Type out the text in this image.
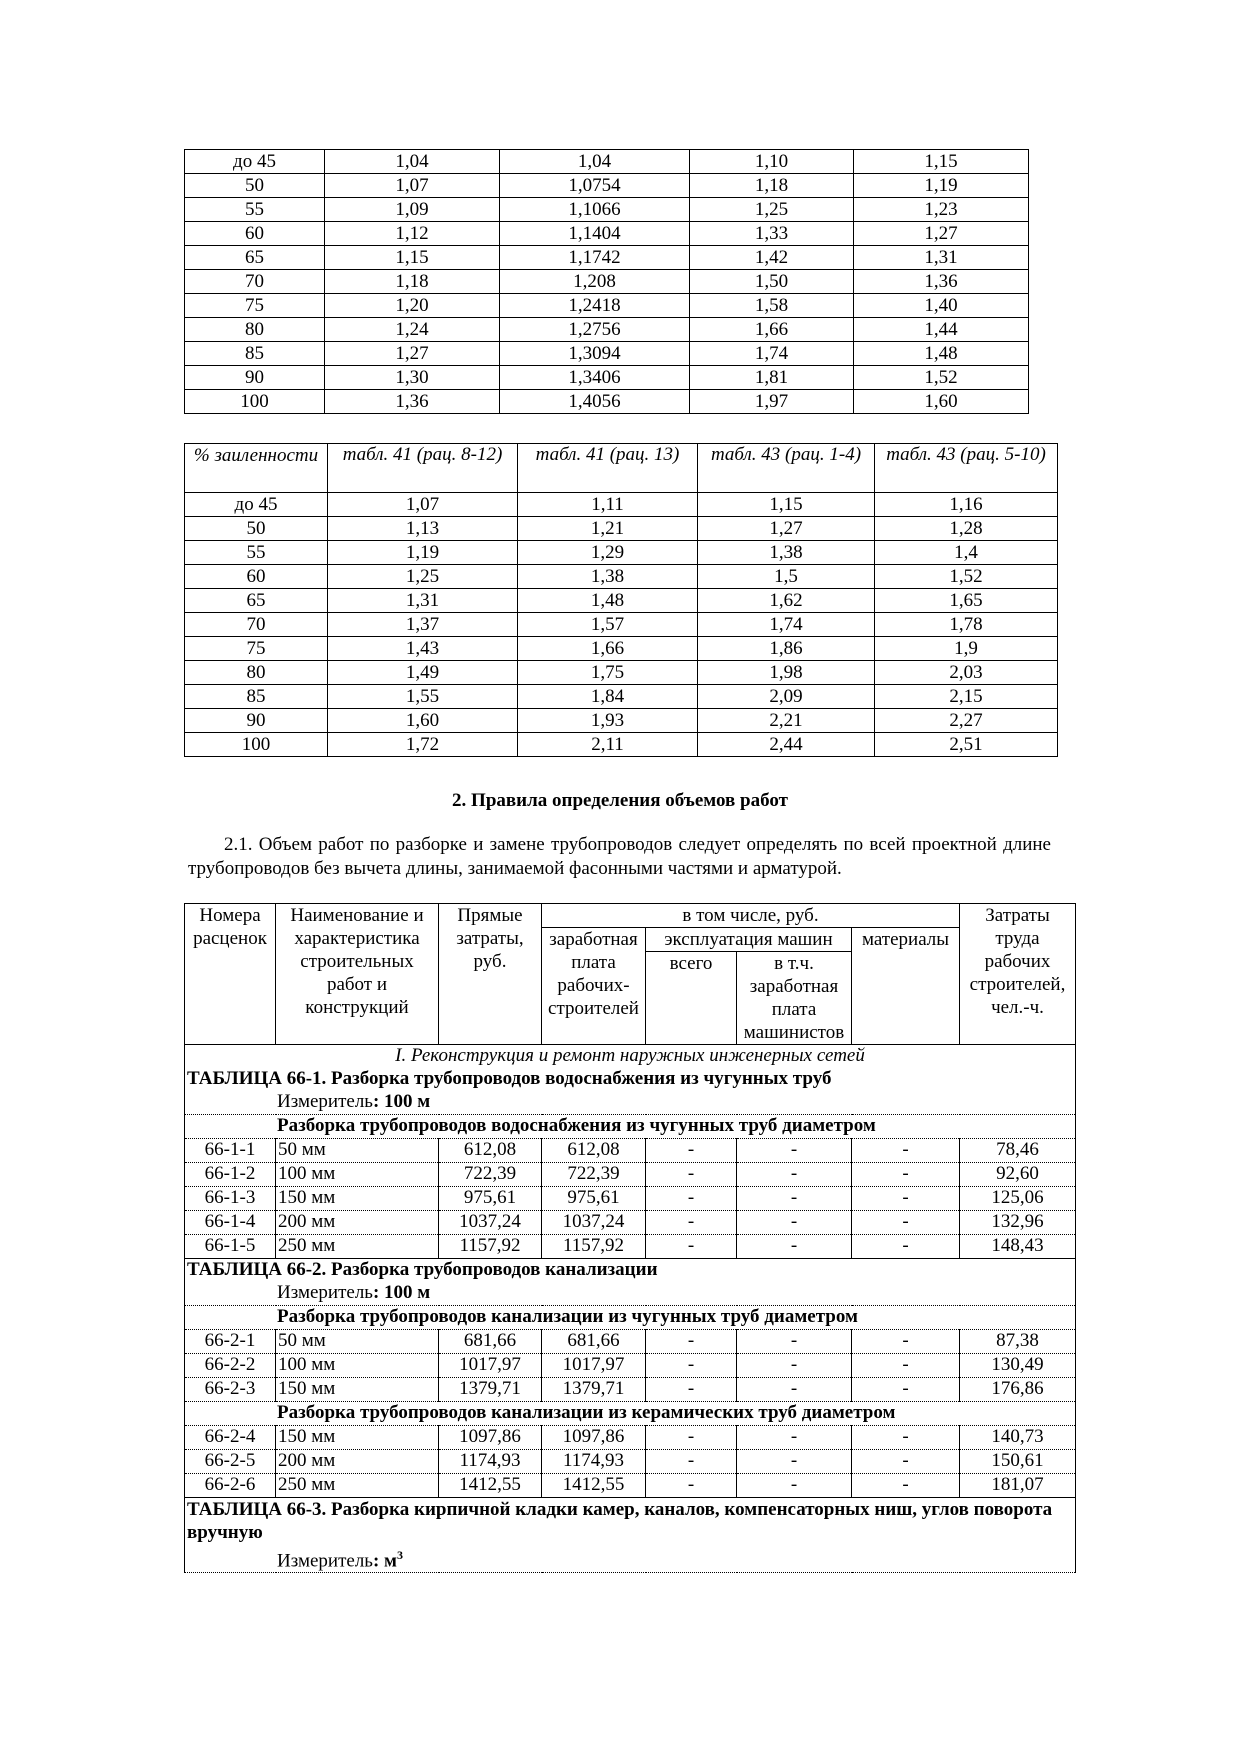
до 45	1,04	1,04	1,10	1,15
50	1,07	1,0754	1,18	1,19
55	1,09	1,1066	1,25	1,23
60	1,12	1,1404	1,33	1,27
65	1,15	1,1742	1,42	1,31
70	1,18	1,208	1,50	1,36
75	1,20	1,2418	1,58	1,40
80	1,24	1,2756	1,66	1,44
85	1,27	1,3094	1,74	1,48
90	1,30	1,3406	1,81	1,52
100	1,36	1,4056	1,97	1,60
% заиленности	табл. 41 (рац. 8-12)	табл. 41 (рац. 13)	табл. 43 (рац. 1-4)	табл. 43 (рац. 5-10)
до 45	1,07	1,11	1,15	1,16
50	1,13	1,21	1,27	1,28
55	1,19	1,29	1,38	1,4
60	1,25	1,38	1,5	1,52
65	1,31	1,48	1,62	1,65
70	1,37	1,57	1,74	1,78
75	1,43	1,66	1,86	1,9
80	1,49	1,75	1,98	2,03
85	1,55	1,84	2,09	2,15
90	1,60	1,93	2,21	2,27
100	1,72	2,11	2,44	2,51
2. Правила определения объемов работ
2.1. Объем работ по разборке и замене трубопроводов следует определять по всей проектной длине трубопроводов без вычета длины, занимаемой фасонными частями и арматурой.
Номера расценок	Наименование и характеристика строительных работ и конструкций	Прямые затраты, руб.	в том числе, руб.				Затраты труда рабочих строителей, чел.-ч.
			заработная плата рабочих-строителей	эксплуатация машин		материалы	
				всего	в т.ч. заработная плата машинистов		
I. Реконструкция и ремонт наружных инженерных сетей							
ТАБЛИЦА 66-1. Разборка трубопроводов водоснабжения из чугунных труб							
Измеритель: 100 м							
Разборка трубопроводов водоснабжения из чугунных труб диаметром							
66-1-1	50 мм	612,08	612,08	-	-	-	78,46
66-1-2	100 мм	722,39	722,39	-	-	-	92,60
66-1-3	150 мм	975,61	975,61	-	-	-	125,06
66-1-4	200 мм	1037,24	1037,24	-	-	-	132,96
66-1-5	250 мм	1157,92	1157,92	-	-	-	148,43
ТАБЛИЦА 66-2. Разборка трубопроводов канализации							
Измеритель: 100 м							
Разборка трубопроводов канализации из чугунных труб диаметром							
66-2-1	50 мм	681,66	681,66	-	-	-	87,38
66-2-2	100 мм	1017,97	1017,97	-	-	-	130,49
66-2-3	150 мм	1379,71	1379,71	-	-	-	176,86
Разборка трубопроводов канализации из керамических труб диаметром							
66-2-4	150 мм	1097,86	1097,86	-	-	-	140,73
66-2-5	200 мм	1174,93	1174,93	-	-	-	150,61
66-2-6	250 мм	1412,55	1412,55	-	-	-	181,07
ТАБЛИЦА 66-3. Разборка кирпичной кладки камер, каналов, компенсаторных ниш, углов поворота вручную							
Измеритель: $м^3$
